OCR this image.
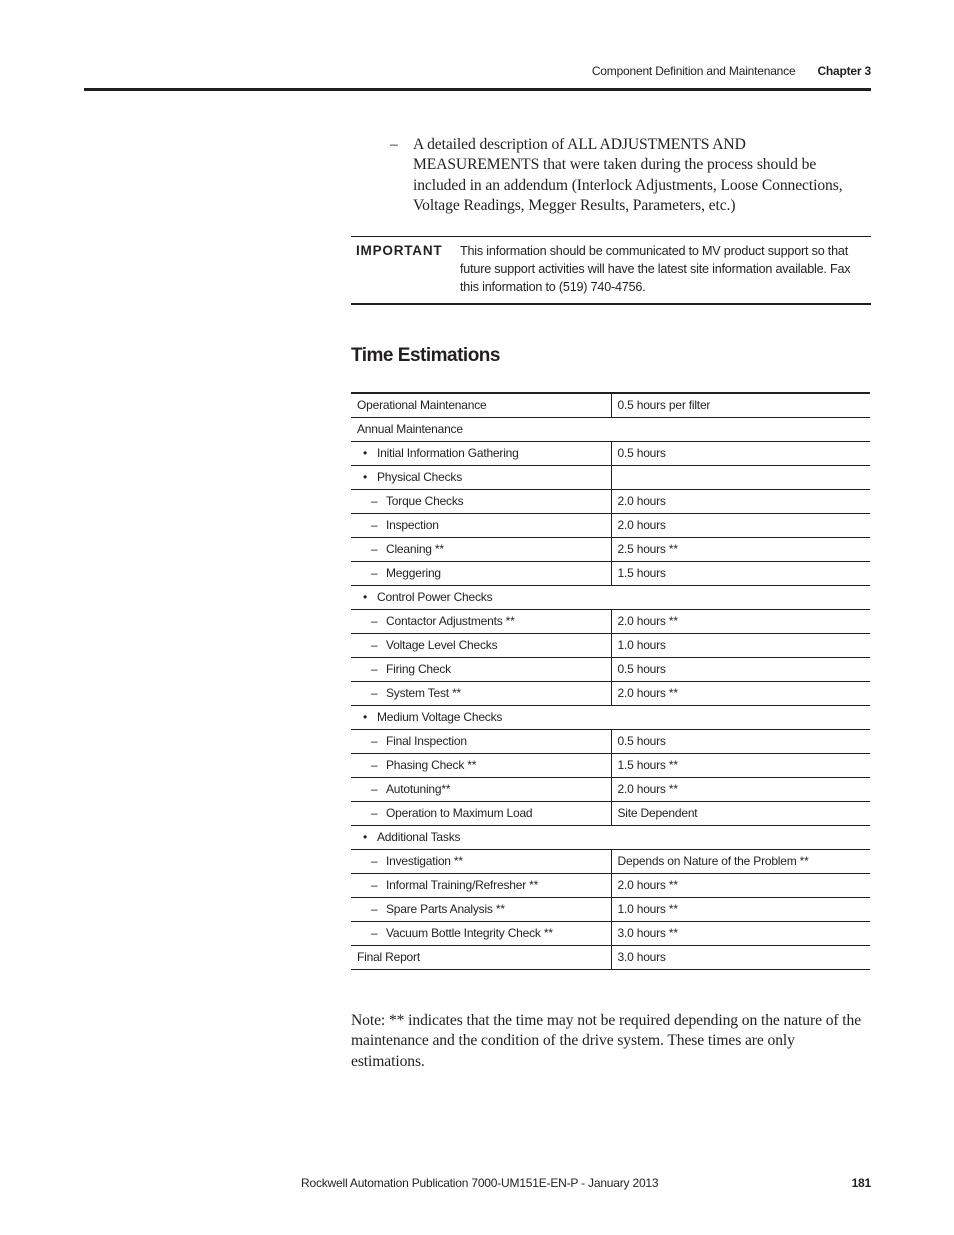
Component Definition and Maintenance Chapter 3
– A detailed description of ALL ADJUSTMENTS AND MEASUREMENTS that were taken during the process should be included in an addendum (Interlock Adjustments, Loose Connections, Voltage Readings, Megger Results, Parameters, etc.)
IMPORTANT This information should be communicated to MV product support so that future support activities will have the latest site information available. Fax this information to (519) 740-4756.
Time Estimations
Operational Maintenance	0.5 hours per filter
Annual Maintenance	
• Initial Information Gathering	0.5 hours
• Physical Checks	
– Torque Checks	2.0 hours
– Inspection	2.0 hours
– Cleaning **	2.5 hours **
– Meggering	1.5 hours
• Control Power Checks	
– Contactor Adjustments **	2.0 hours **
– Voltage Level Checks	1.0 hours
– Firing Check	0.5 hours
– System Test **	2.0 hours **
• Medium Voltage Checks	
– Final Inspection	0.5 hours
– Phasing Check **	1.5 hours **
– Autotuning**	2.0 hours **
– Operation to Maximum Load	Site Dependent
• Additional Tasks	
– Investigation **	Depends on Nature of the Problem **
– Informal Training/Refresher **	2.0 hours **
– Spare Parts Analysis **	1.0 hours **
– Vacuum Bottle Integrity Check **	3.0 hours **
Final Report	3.0 hours
Note: ** indicates that the time may not be required depending on the nature of the maintenance and the condition of the drive system. These times are only estimations.
Rockwell Automation Publication 7000-UM151E-EN-P - January 2013	181
